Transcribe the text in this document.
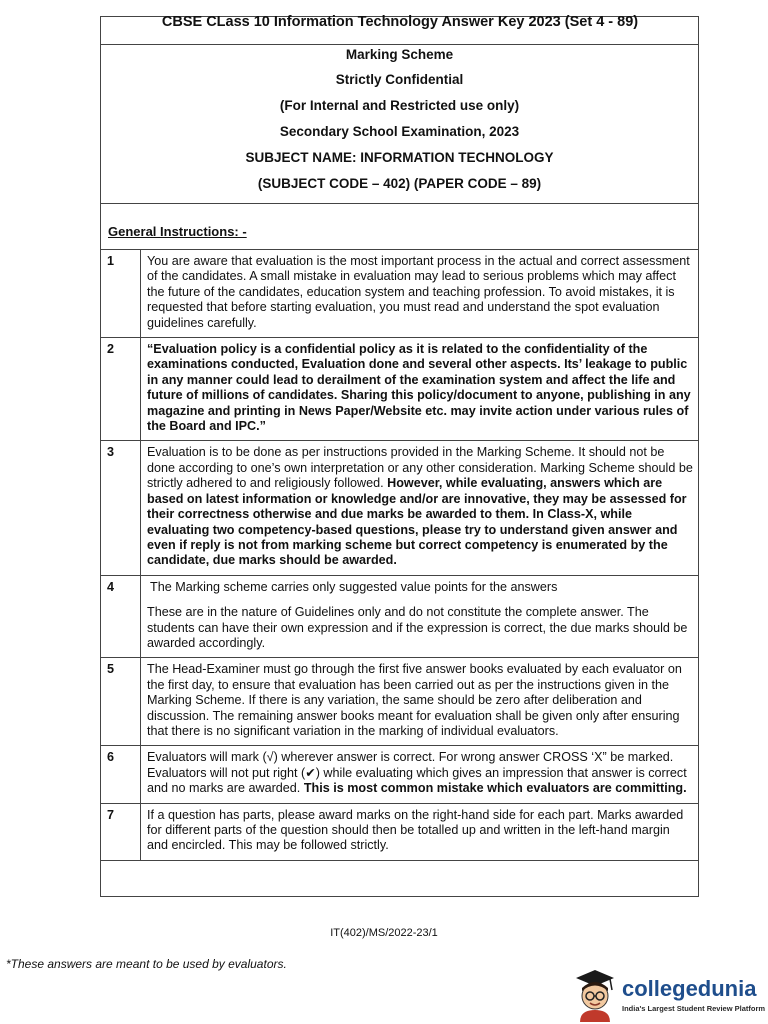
CBSE CLass 10 Information Technology Answer Key 2023 (Set 4 - 89)
Marking Scheme
Strictly Confidential
(For Internal and Restricted use only)
Secondary School Examination, 2023
SUBJECT NAME: INFORMATION TECHNOLOGY
(SUBJECT CODE – 402) (PAPER CODE – 89)
General Instructions: -
1	You are aware that evaluation is the most important process in the actual and correct assessment of the candidates. A small mistake in evaluation may lead to serious problems which may affect the future of the candidates, education system and teaching profession. To avoid mistakes, it is requested that before starting evaluation, you must read and understand the spot evaluation guidelines carefully.
2	“Evaluation policy is a confidential policy as it is related to the confidentiality of the examinations conducted, Evaluation done and several other aspects. Its’ leakage to public in any manner could lead to derailment of the examination system and affect the life and future of millions of candidates. Sharing this policy/document to anyone, publishing in any magazine and printing in News Paper/Website etc. may invite action under various rules of the Board and IPC.”
3	Evaluation is to be done as per instructions provided in the Marking Scheme. It should not be done according to one’s own interpretation or any other consideration. Marking Scheme should be strictly adhered to and religiously followed. However, while evaluating, answers which are based on latest information or knowledge and/or are innovative, they may be assessed for their correctness otherwise and due marks be awarded to them. In Class-X, while evaluating two competency-based questions, please try to understand given answer and even if reply is not from marking scheme but correct competency is enumerated by the candidate, due marks should be awarded.
4	The Marking scheme carries only suggested value points for the answers
These are in the nature of Guidelines only and do not constitute the complete answer. The students can have their own expression and if the expression is correct, the due marks should be awarded accordingly.

5	The Head-Examiner must go through the first five answer books evaluated by each evaluator on the first day, to ensure that evaluation has been carried out as per the instructions given in the Marking Scheme. If there is any variation, the same should be zero after deliberation and discussion. The remaining answer books meant for evaluation shall be given only after ensuring that there is no significant variation in the marking of individual evaluators.
6	Evaluators will mark (√) wherever answer is correct. For wrong answer CROSS ‘X” be marked. Evaluators will not put right (✔) while evaluating which gives an impression that answer is correct and no marks are awarded. This is most common mistake which evaluators are committing.
7	If a question has parts, please award marks on the right-hand side for each part. Marks awarded for different parts of the question should then be totalled up and written in the left-hand margin and encircled. This may be followed strictly.
IT(402)/MS/2022-23/1
*These answers are meant to be used by evaluators.
collegedunia
India's Largest Student Review Platform
